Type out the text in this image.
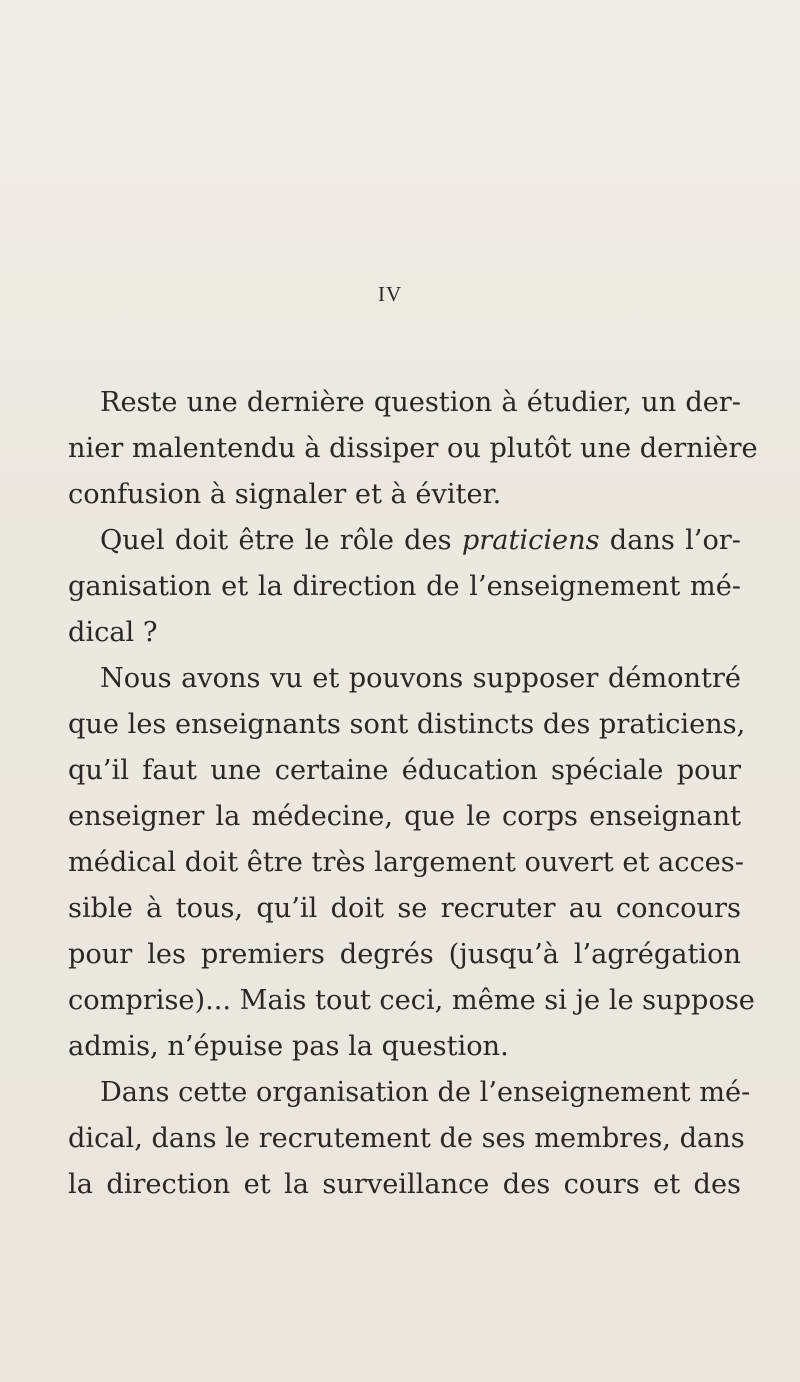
IV
Reste une dernière question à étudier, un der-
nier malentendu à dissiper ou plutôt une dernière
confusion à signaler et à éviter.
Quel doit être le rôle des praticiens dans l’or-
ganisation et la direction de l’enseignement mé-
dical ?
Nous avons vu et pouvons supposer démontré
que les enseignants sont distincts des praticiens,
qu’il faut une certaine éducation spéciale pour
enseigner la médecine, que le corps enseignant
médical doit être très largement ouvert et acces-
sible à tous, qu’il doit se recruter au concours
pour les premiers degrés (jusqu’à l’agrégation
comprise)... Mais tout ceci, même si je le suppose
admis, n’épuise pas la question.
Dans cette organisation de l’enseignement mé-
dical, dans le recrutement de ses membres, dans
la direction et la surveillance des cours et des
